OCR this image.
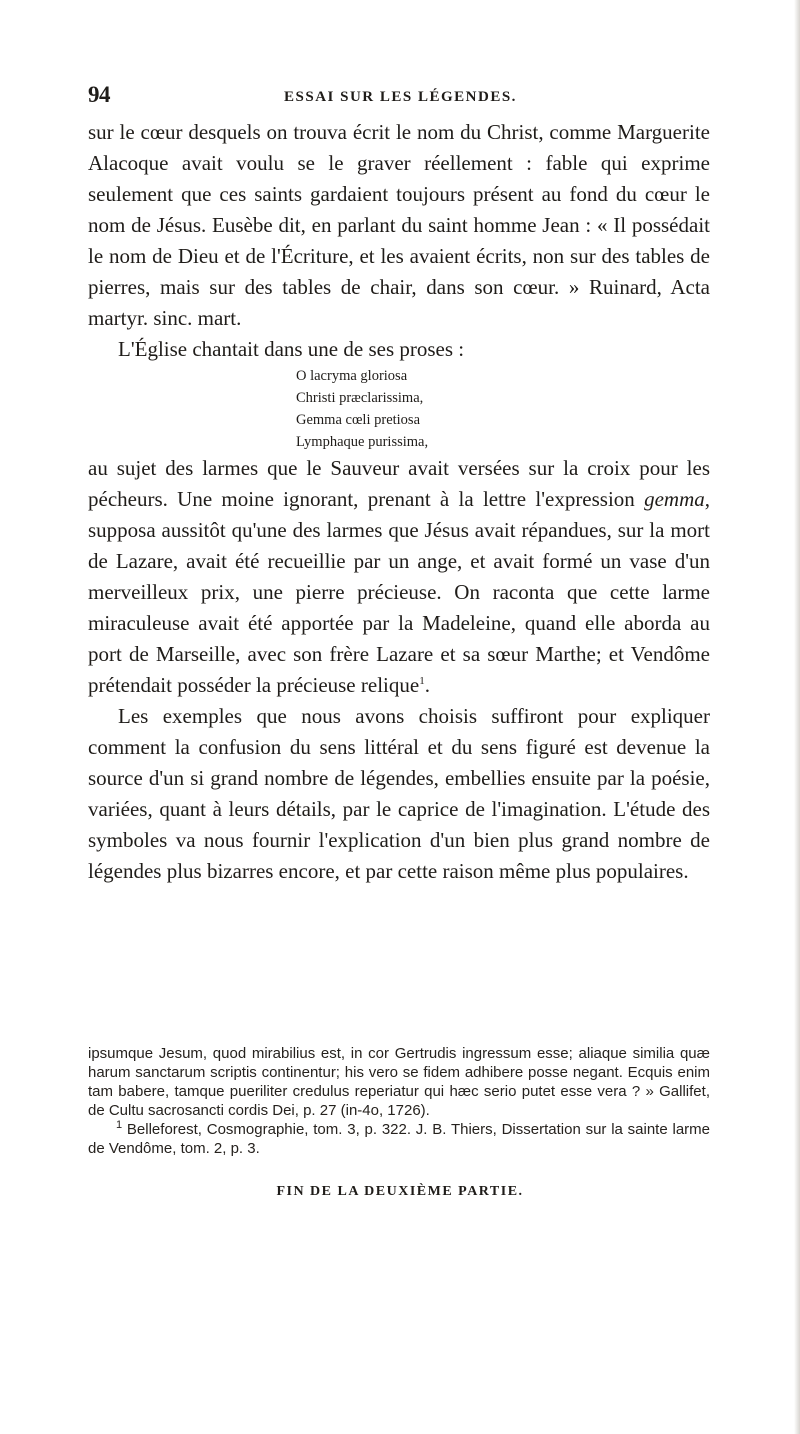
94	ESSAI SUR LES LÉGENDES.

sur le cœur desquels on trouva écrit le nom du Christ, comme Marguerite Alacoque avait voulu se le graver réellement : fable qui exprime seulement que ces saints gardaient toujours présent au fond du cœur le nom de Jésus. Eusèbe dit, en parlant du saint homme Jean : « Il possédait le nom de Dieu et de l'Écriture, et les avaient écrits, non sur des tables de pierres, mais sur des tables de chair, dans son cœur. » Ruinard, Acta martyr. sinc. mart.

L'Église chantait dans une de ses proses :

O lacryma gloriosa
Christi præclarissima,
Gemma cœli pretiosa
Lymphaque purissima,

au sujet des larmes que le Sauveur avait versées sur la croix pour les pécheurs. Une moine ignorant, prenant à la lettre l'expression gemma, supposa aussitôt qu'une des larmes que Jésus avait répandues, sur la mort de Lazare, avait été recueillie par un ange, et avait formé un vase d'un merveilleux prix, une pierre précieuse. On raconta que cette larme miraculeuse avait été apportée par la Madeleine, quand elle aborda au port de Marseille, avec son frère Lazare et sa sœur Marthe; et Vendôme prétendait posséder la précieuse relique$^1$.

Les exemples que nous avons choisis suffiront pour expliquer comment la confusion du sens littéral et du sens figuré est devenue la source d'un si grand nombre de légendes, embellies ensuite par la poésie, variées, quant à leurs détails, par le caprice de l'imagination. L'étude des symboles va nous fournir l'explication d'un bien plus grand nombre de légendes plus bizarres encore, et par cette raison même plus populaires.

ipsumque Jesum, quod mirabilius est, in cor Gertrudis ingressum esse; aliaque similia quæ harum sanctarum scriptis continentur; his vero se fidem adhibere posse negant. Ecquis enim tam babere, tamque pueriliter credulus reperiatur qui hæc serio putet esse vera ? » Gallifet, de Cultu sacrosancti cordis Dei, p. 27 (in-4o, 1726).

$^1$ Belleforest, Cosmographie, tom. 3, p. 322. J. B. Thiers, Dissertation sur la sainte larme de Vendôme, tom. 2, p. 3.

FIN DE LA DEUXIÈME PARTIE.
